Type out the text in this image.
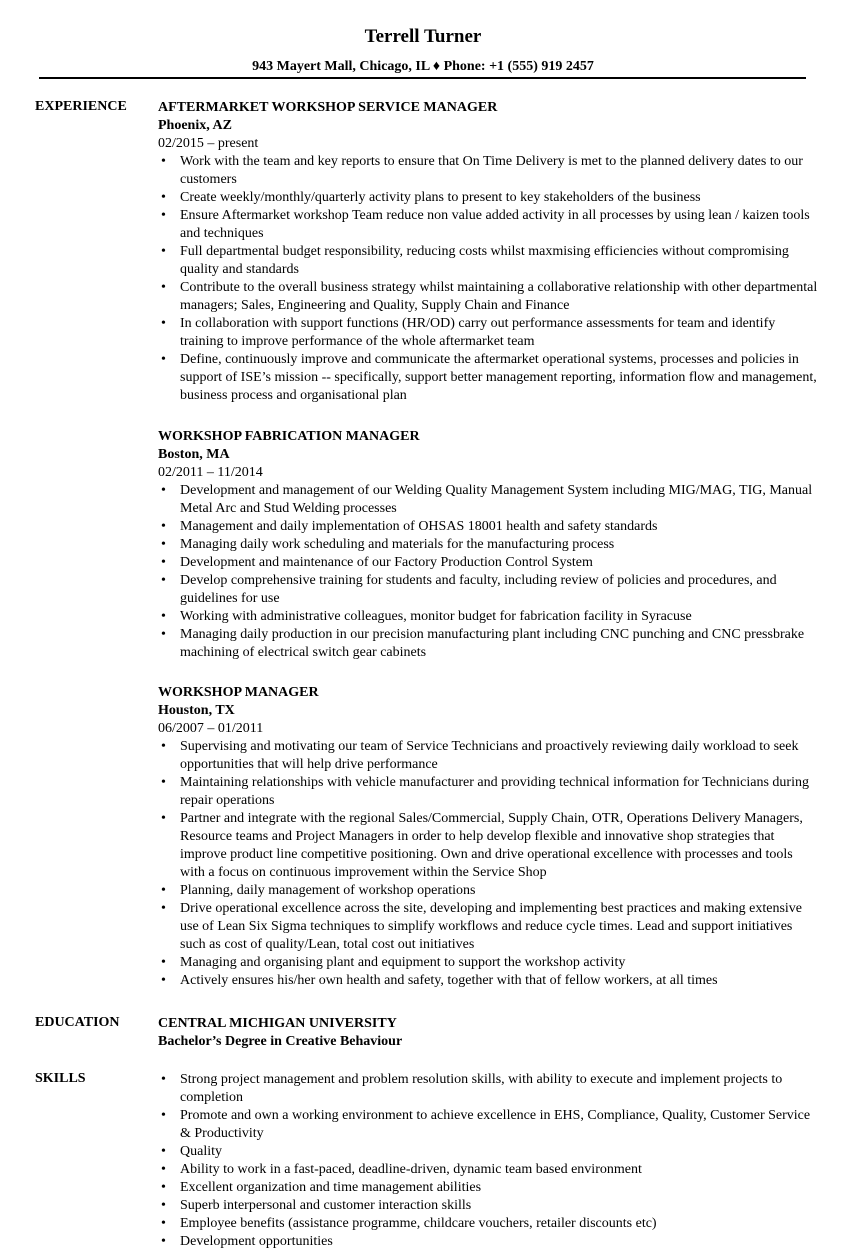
Terrell Turner
943 Mayert Mall, Chicago, IL ♦ Phone: +1 (555) 919 2457
EXPERIENCE AFTERMARKET WORKSHOP SERVICE MANAGER
Phoenix, AZ
02/2015 – present
• Work with the team and key reports to ensure that On Time Delivery is met to the planned delivery dates to our customers
• Create weekly/monthly/quarterly activity plans to present to key stakeholders of the business
• Ensure Aftermarket workshop Team reduce non value added activity in all processes by using lean / kaizen tools and techniques
• Full departmental budget responsibility, reducing costs whilst maxmising efficiencies without compromising quality and standards
• Contribute to the overall business strategy whilst maintaining a collaborative relationship with other departmental managers; Sales, Engineering and Quality, Supply Chain and Finance
• In collaboration with support functions (HR/OD) carry out performance assessments for team and identify training to improve performance of the whole aftermarket team
• Define, continuously improve and communicate the aftermarket operational systems, processes and policies in support of ISE’s mission -- specifically, support better management reporting, information flow and management, business process and organisational plan
WORKSHOP FABRICATION MANAGER
Boston, MA
02/2011 – 11/2014
• Development and management of our Welding Quality Management System including MIG/MAG, TIG, Manual Metal Arc and Stud Welding processes
• Management and daily implementation of OHSAS 18001 health and safety standards
• Managing daily work scheduling and materials for the manufacturing process
• Development and maintenance of our Factory Production Control System
• Develop comprehensive training for students and faculty, including review of policies and procedures, and guidelines for use
• Working with administrative colleagues, monitor budget for fabrication facility in Syracuse
• Managing daily production in our precision manufacturing plant including CNC punching and CNC pressbrake machining of electrical switch gear cabinets
WORKSHOP MANAGER
Houston, TX
06/2007 – 01/2011
• Supervising and motivating our team of Service Technicians and proactively reviewing daily workload to seek opportunities that will help drive performance
• Maintaining relationships with vehicle manufacturer and providing technical information for Technicians during repair operations
• Partner and integrate with the regional Sales/Commercial, Supply Chain, OTR, Operations Delivery Managers, Resource teams and Project Managers in order to help develop flexible and innovative shop strategies that improve product line competitive positioning. Own and drive operational excellence with processes and tools with a focus on continuous improvement within the Service Shop
• Planning, daily management of workshop operations
• Drive operational excellence across the site, developing and implementing best practices and making extensive use of Lean Six Sigma techniques to simplify workflows and reduce cycle times. Lead and support initiatives such as cost of quality/Lean, total cost out initiatives
• Managing and organising plant and equipment to support the workshop activity
• Actively ensures his/her own health and safety, together with that of fellow workers, at all times
EDUCATION	CENTRAL MICHIGAN UNIVERSITY
Bachelor’s Degree in Creative Behaviour
SKILLS
•	Strong project management and problem resolution skills, with ability to execute and implement projects to completion
• Promote and own a working environment to achieve excellence in EHS, Compliance, Quality, Customer Service & Productivity
• Quality
• Ability to work in a fast-paced, deadline-driven, dynamic team based environment
• Excellent organization and time management abilities
• Superb interpersonal and customer interaction skills
• Employee benefits (assistance programme, childcare vouchers, retailer discounts etc)
• Development opportunities
